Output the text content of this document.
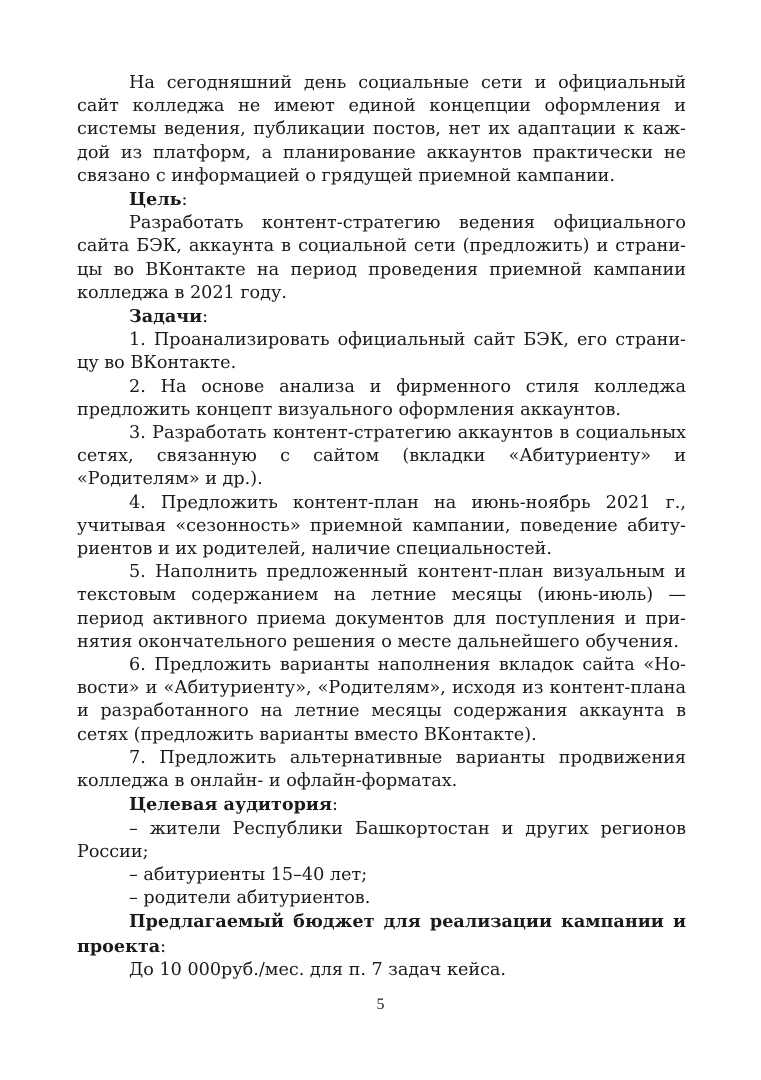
На сегодняшний день социальные сети и официальный сайт колледжа не имеют единой концепции оформления и системы ведения, публикации постов, нет их адаптации к каждой из платформ, а планирование аккаунтов практически не связано с информацией о грядущей приемной кампании.

Цель:

Разработать контент-стратегию ведения официального сайта БЭК, аккаунта в социальной сети (предложить) и страницы во ВКонтакте на период проведения приемной кампании колледжа в 2021 году.

Задачи:

1. Проанализировать официальный сайт БЭК, его страницу во ВКонтакте.

2. На основе анализа и фирменного стиля колледжа предложить концепт визуального оформления аккаунтов.

3. Разработать контент-стратегию аккаунтов в социальных сетях, связанную с сайтом (вкладки «Абитуриенту» и «Родителям» и др.).

4. Предложить контент-план на июнь-ноябрь 2021 г., учитывая «сезонность» приемной кампании, поведение абитуриентов и их родителей, наличие специальностей.

5. Наполнить предложенный контент-план визуальным и текстовым содержанием на летние месяцы (июнь-июль) — период активного приема документов для поступления и принятия окончательного решения о месте дальнейшего обучения.

6. Предложить варианты наполнения вкладок сайта «Новости» и «Абитуриенту», «Родителям», исходя из контент-плана и разработанного на летние месяцы содержания аккаунта в сетях (предложить варианты вместо ВКонтакте).

7. Предложить альтернативные варианты продвижения колледжа в онлайн- и офлайн-форматах.

Целевая аудитория:

– жители Республики Башкортостан и других регионов России;

– абитуриенты 15–40 лет;

– родители абитуриентов.

Предлагаемый бюджет для реализации кампании и проекта:

До 10 000руб./мес. для п. 7 задач кейса.

5
